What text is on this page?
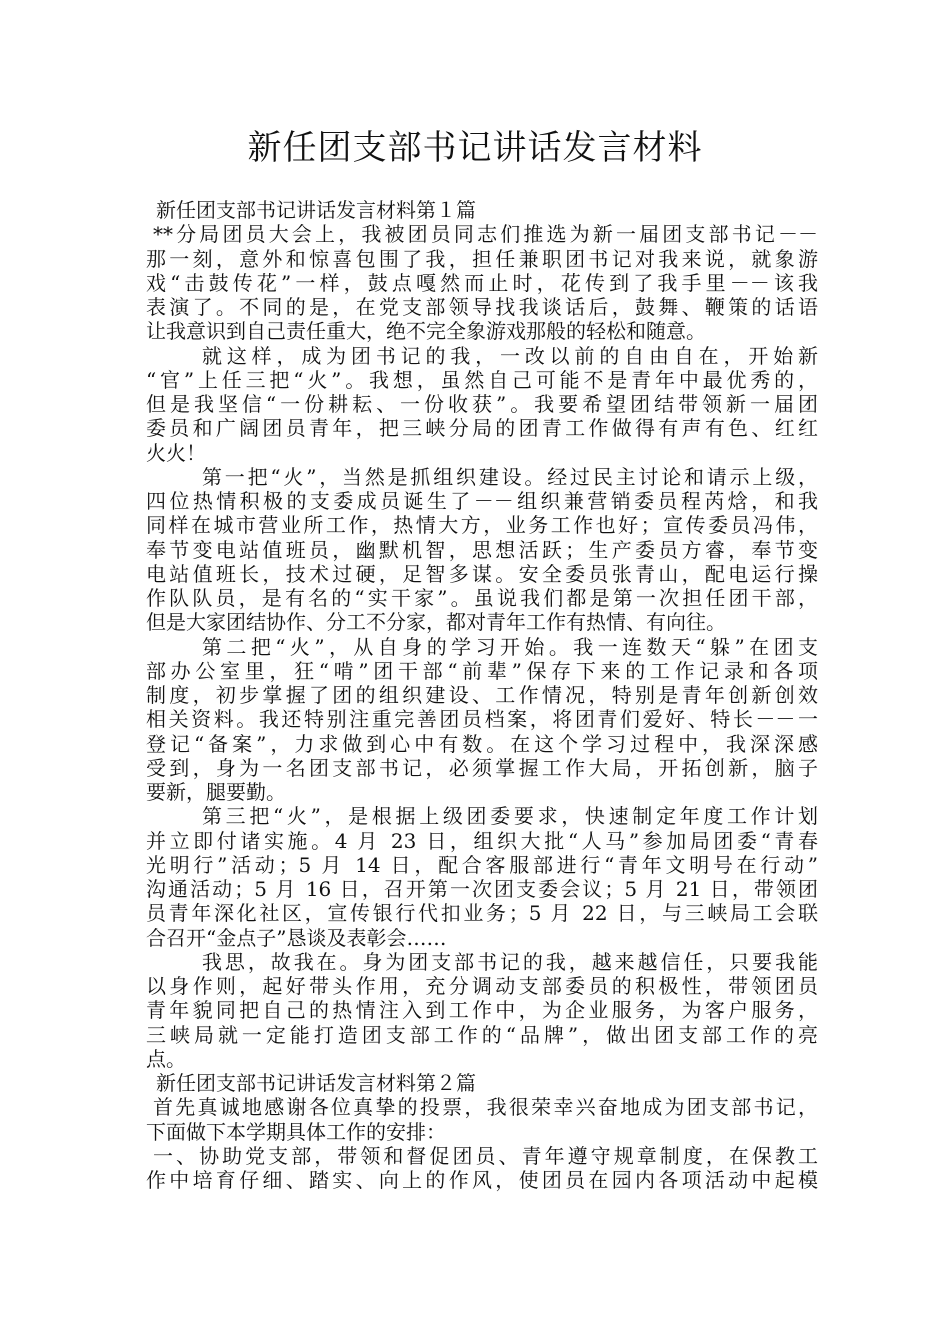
新任团支部书记讲话发言材料
新任团支部书记讲话发言材料第１篇
**分局团员大会上，我被团员同志们推选为新一届团支部书记－－
那一刻，意外和惊喜包围了我，担任兼职团书记对我来说，就象游
戏“击鼓传花”一样，鼓点嘎然而止时，花传到了我手里－－该我
表演了。不同的是，在党支部领导找我谈话后，鼓舞、鞭策的话语
让我意识到自己责任重大，绝不完全象游戏那般的轻松和随意。
就这样，成为团书记的我，一改以前的自由自在，开始新
“官”上任三把“火”。我想，虽然自己可能不是青年中最优秀的，
但是我坚信“一份耕耘、一份收获”。我要希望团结带领新一届团
委员和广阔团员青年，把三峡分局的团青工作做得有声有色、红红
火火！
第一把“火”，当然是抓组织建设。经过民主讨论和请示上级，
四位热情积极的支委成员诞生了－－组织兼营销委员程芮焓，和我
同样在城市营业所工作，热情大方，业务工作也好；宣传委员冯伟，
奉节变电站值班员，幽默机智，思想活跃；生产委员方睿，奉节变
电站值班长，技术过硬，足智多谋。安全委员张青山，配电运行操
作队队员，是有名的“实干家”。虽说我们都是第一次担任团干部，
但是大家团结协作、分工不分家，都对青年工作有热情、有向往。
第二把“火”，从自身的学习开始。我一连数天“躲”在团支
部办公室里，狂“啃”团干部“前辈”保存下来的工作记录和各项
制度，初步掌握了团的组织建设、工作情况，特别是青年创新创效
相关资料。我还特别注重完善团员档案，将团青们爱好、特长－－一
登记“备案”，力求做到心中有数。在这个学习过程中，我深深感
受到，身为一名团支部书记，必须掌握工作大局，开拓创新，脑子
要新，腿要勤。
第三把“火”，是根据上级团委要求，快速制定年度工作计划
并立即付诸实施。4 月 23 日，组织大批“人马”参加局团委“青春
光明行”活动；5 月 14 日，配合客服部进行“青年文明号在行动”
沟通活动；5 月 16 日，召开第一次团支委会议；5 月 21 日，带领团
员青年深化社区，宣传银行代扣业务；5 月 22 日，与三峡局工会联
合召开“金点子”恳谈及表彰会……
我思，故我在。身为团支部书记的我，越来越信任，只要我能
以身作则，起好带头作用，充分调动支部委员的积极性，带领团员
青年貌同把自己的热情注入到工作中，为企业服务，为客户服务，
三峡局就一定能打造团支部工作的“品牌”，做出团支部工作的亮
点。
新任团支部书记讲话发言材料第２篇
首先真诚地感谢各位真挚的投票，我很荣幸兴奋地成为团支部书记，
下面做下本学期具体工作的安排：
一、协助党支部，带领和督促团员、青年遵守规章制度，在保教工
作中培育仔细、踏实、向上的作风，使团员在园内各项活动中起模
